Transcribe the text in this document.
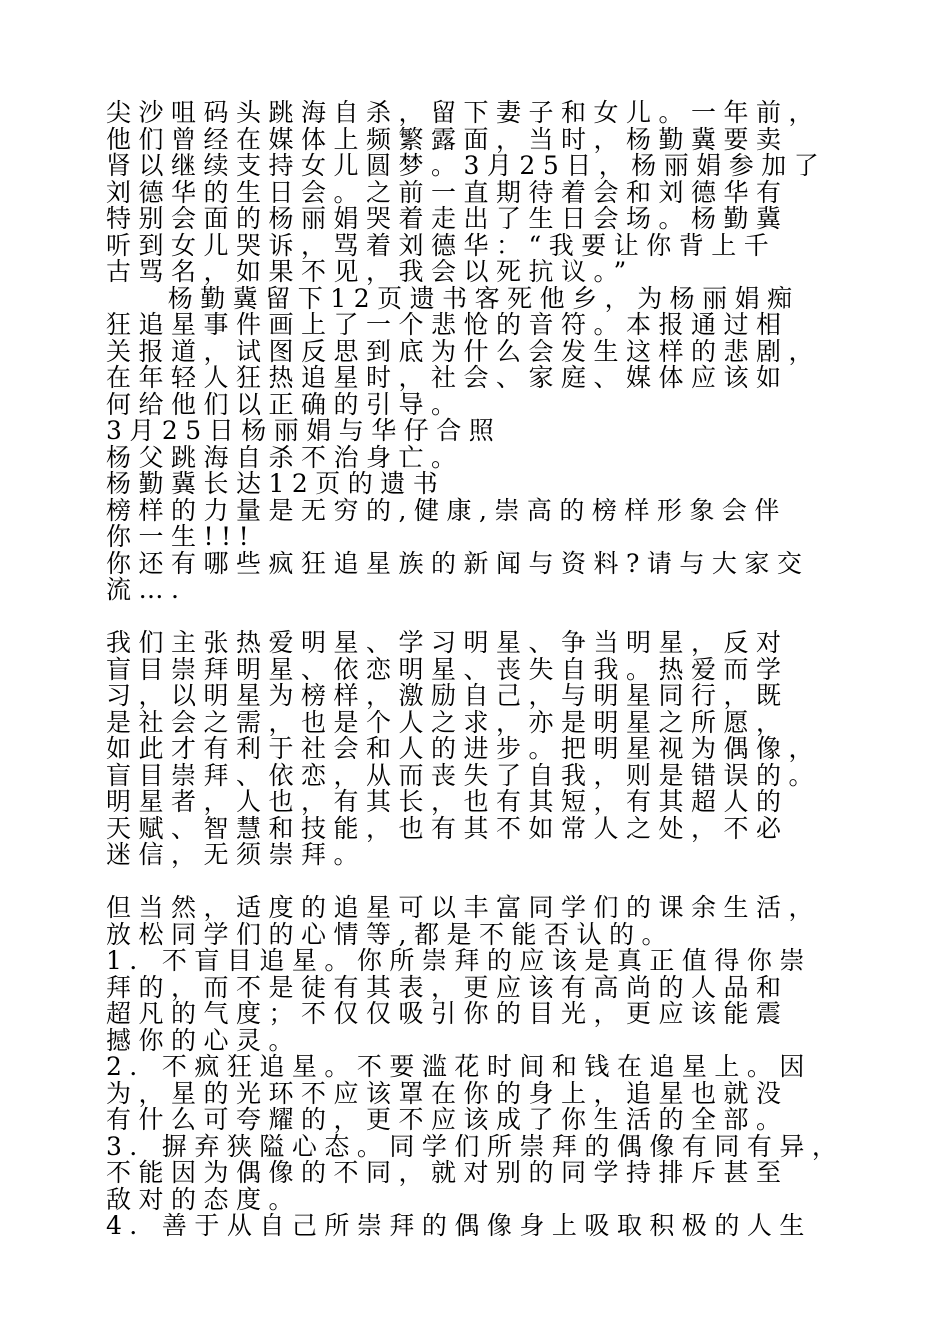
尖沙咀码头跳海自杀，留下妻子和女儿。一年前，
他们曾经在媒体上频繁露面，当时，杨勤冀要卖
肾以继续支持女儿圆梦。3月25日，杨丽娟参加了
刘德华的生日会。之前一直期待着会和刘德华有
特别会面的杨丽娟哭着走出了生日会场。杨勤冀
听到女儿哭诉，骂着刘德华：“我要让你背上千
古骂名，如果不见，我会以死抗议。”
杨勤冀留下12页遗书客死他乡，为杨丽娟痴
狂追星事件画上了一个悲怆的音符。本报通过相
关报道，试图反思到底为什么会发生这样的悲剧，
在年轻人狂热追星时，社会、家庭、媒体应该如
何给他们以正确的引导。
3月25日杨丽娟与华仔合照
杨父跳海自杀不治身亡。
杨勤冀长达12页的遗书
榜样的力量是无穷的,健康,崇高的榜样形象会伴
你一生!!!
你还有哪些疯狂追星族的新闻与资料?请与大家交
流….
我们主张热爱明星、学习明星、争当明星，反对
盲目崇拜明星、依恋明星、丧失自我。热爱而学
习，以明星为榜样，激励自己，与明星同行，既
是社会之需，也是个人之求，亦是明星之所愿，
如此才有利于社会和人的进步。把明星视为偶像，
盲目崇拜、依恋，从而丧失了自我，则是错误的。
明星者，人也，有其长，也有其短，有其超人的
天赋、智慧和技能，也有其不如常人之处，不必
迷信，无须崇拜。
但当然，适度的追星可以丰富同学们的课余生活，
放松同学们的心情等,都是不能否认的。
1．不盲目追星。你所崇拜的应该是真正值得你崇
拜的，而不是徒有其表，更应该有高尚的人品和
超凡的气度；不仅仅吸引你的目光，更应该能震
撼你的心灵。
2．不疯狂追星。不要滥花时间和钱在追星上。因
为，星的光环不应该罩在你的身上，追星也就没
有什么可夸耀的，更不应该成了你生活的全部。
3．摒弃狭隘心态。同学们所崇拜的偶像有同有异，
不能因为偶像的不同，就对别的同学持排斥甚至
敌对的态度。
4．善于从自己所崇拜的偶像身上吸取积极的人生
